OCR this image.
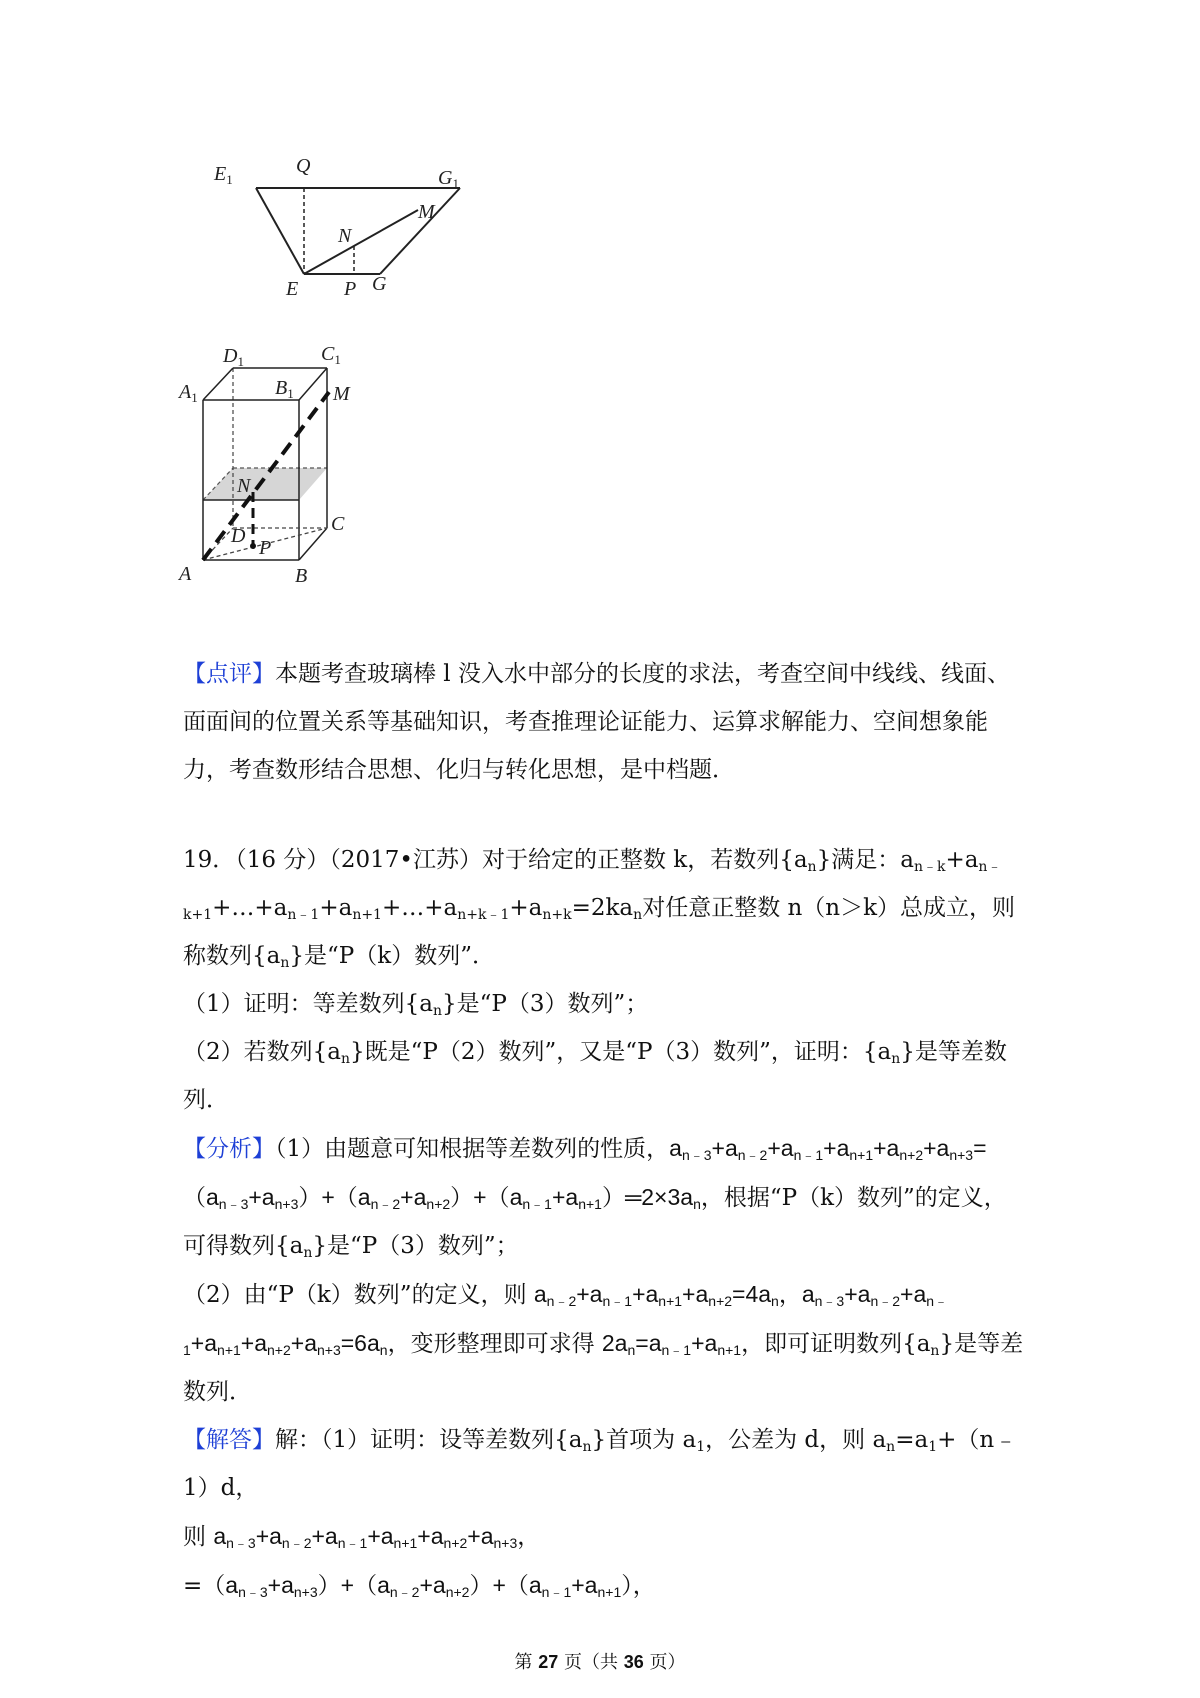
$E_1$
Q
$G_1$
M
N
E P G
$D_1$	$C_1$
$A_1$	$B_1$ M
N
C
D
P
A	B

【点评】本题考查玻璃棒 l 没入水中部分的长度的求法，考查空间中线线、线面、面面间的位置关系等基础知识，考查推理论证能力、运算求解能力、空间想象能力，考查数形结合思想、化归与转化思想，是中档题．

19．（16 分）（2017•江苏）对于给定的正整数 k，若数列$\{a_n\}$满足：$a_{n﹣k}+a_{n﹣k+1}+\dots+a_{n﹣1}+a_{n+1}+\dots+a_{n+k﹣1}+a_{n+k}=2ka_n$对任意正整数 n（n＞k）总成立，则称数列$\{a_n\}$是“P（k）数列”．

（1）证明：等差数列$\{a_n\}$是“P（3）数列”；

（2）若数列$\{a_n\}$既是“P（2）数列”，又是“P（3）数列”，证明：$\{a_n\}$是等差数列．

【分析】（1）由题意可知根据等差数列的性质，$a_{n﹣3}+a_{n﹣2}+a_{n﹣1}+a_{n+1}+a_{n+2}+a_{n+3}=(a_{n﹣3}+a_{n+3})+(a_{n﹣2}+a_{n+2})+(a_{n﹣1}+a_{n+1})═2\times 3a_n$，根据“P（k）数列”的定义，可得数列$\{a_n\}$是“P（3）数列”；

（2）由“P（k）数列”的定义，则 $a_{n﹣2}+a_{n﹣1}+a_{n+1}+a_{n+2}=4a_n$，$a_{n﹣3}+a_{n﹣2}+a_{n﹣1}+a_{n+1}+a_{n+2}+a_{n+3}=6a_n$，变形整理即可求得 $2a_n=a_{n﹣1}+a_{n+1}$，即可证明数列$\{a_n\}$是等差数列．

【解答】解：（1）证明：设等差数列$\{a_n\}$首项为 $a_1$，公差为 d，则 $a_n=a_1+(n﹣1)d$，

则 $a_{n﹣3}+a_{n﹣2}+a_{n﹣1}+a_{n+1}+a_{n+2}+a_{n+3}$，

$=(a_{n﹣3}+a_{n+3})+(a_{n﹣2}+a_{n+2})+(a_{n﹣1}+a_{n+1})$，

第 27 页（共 36 页）
